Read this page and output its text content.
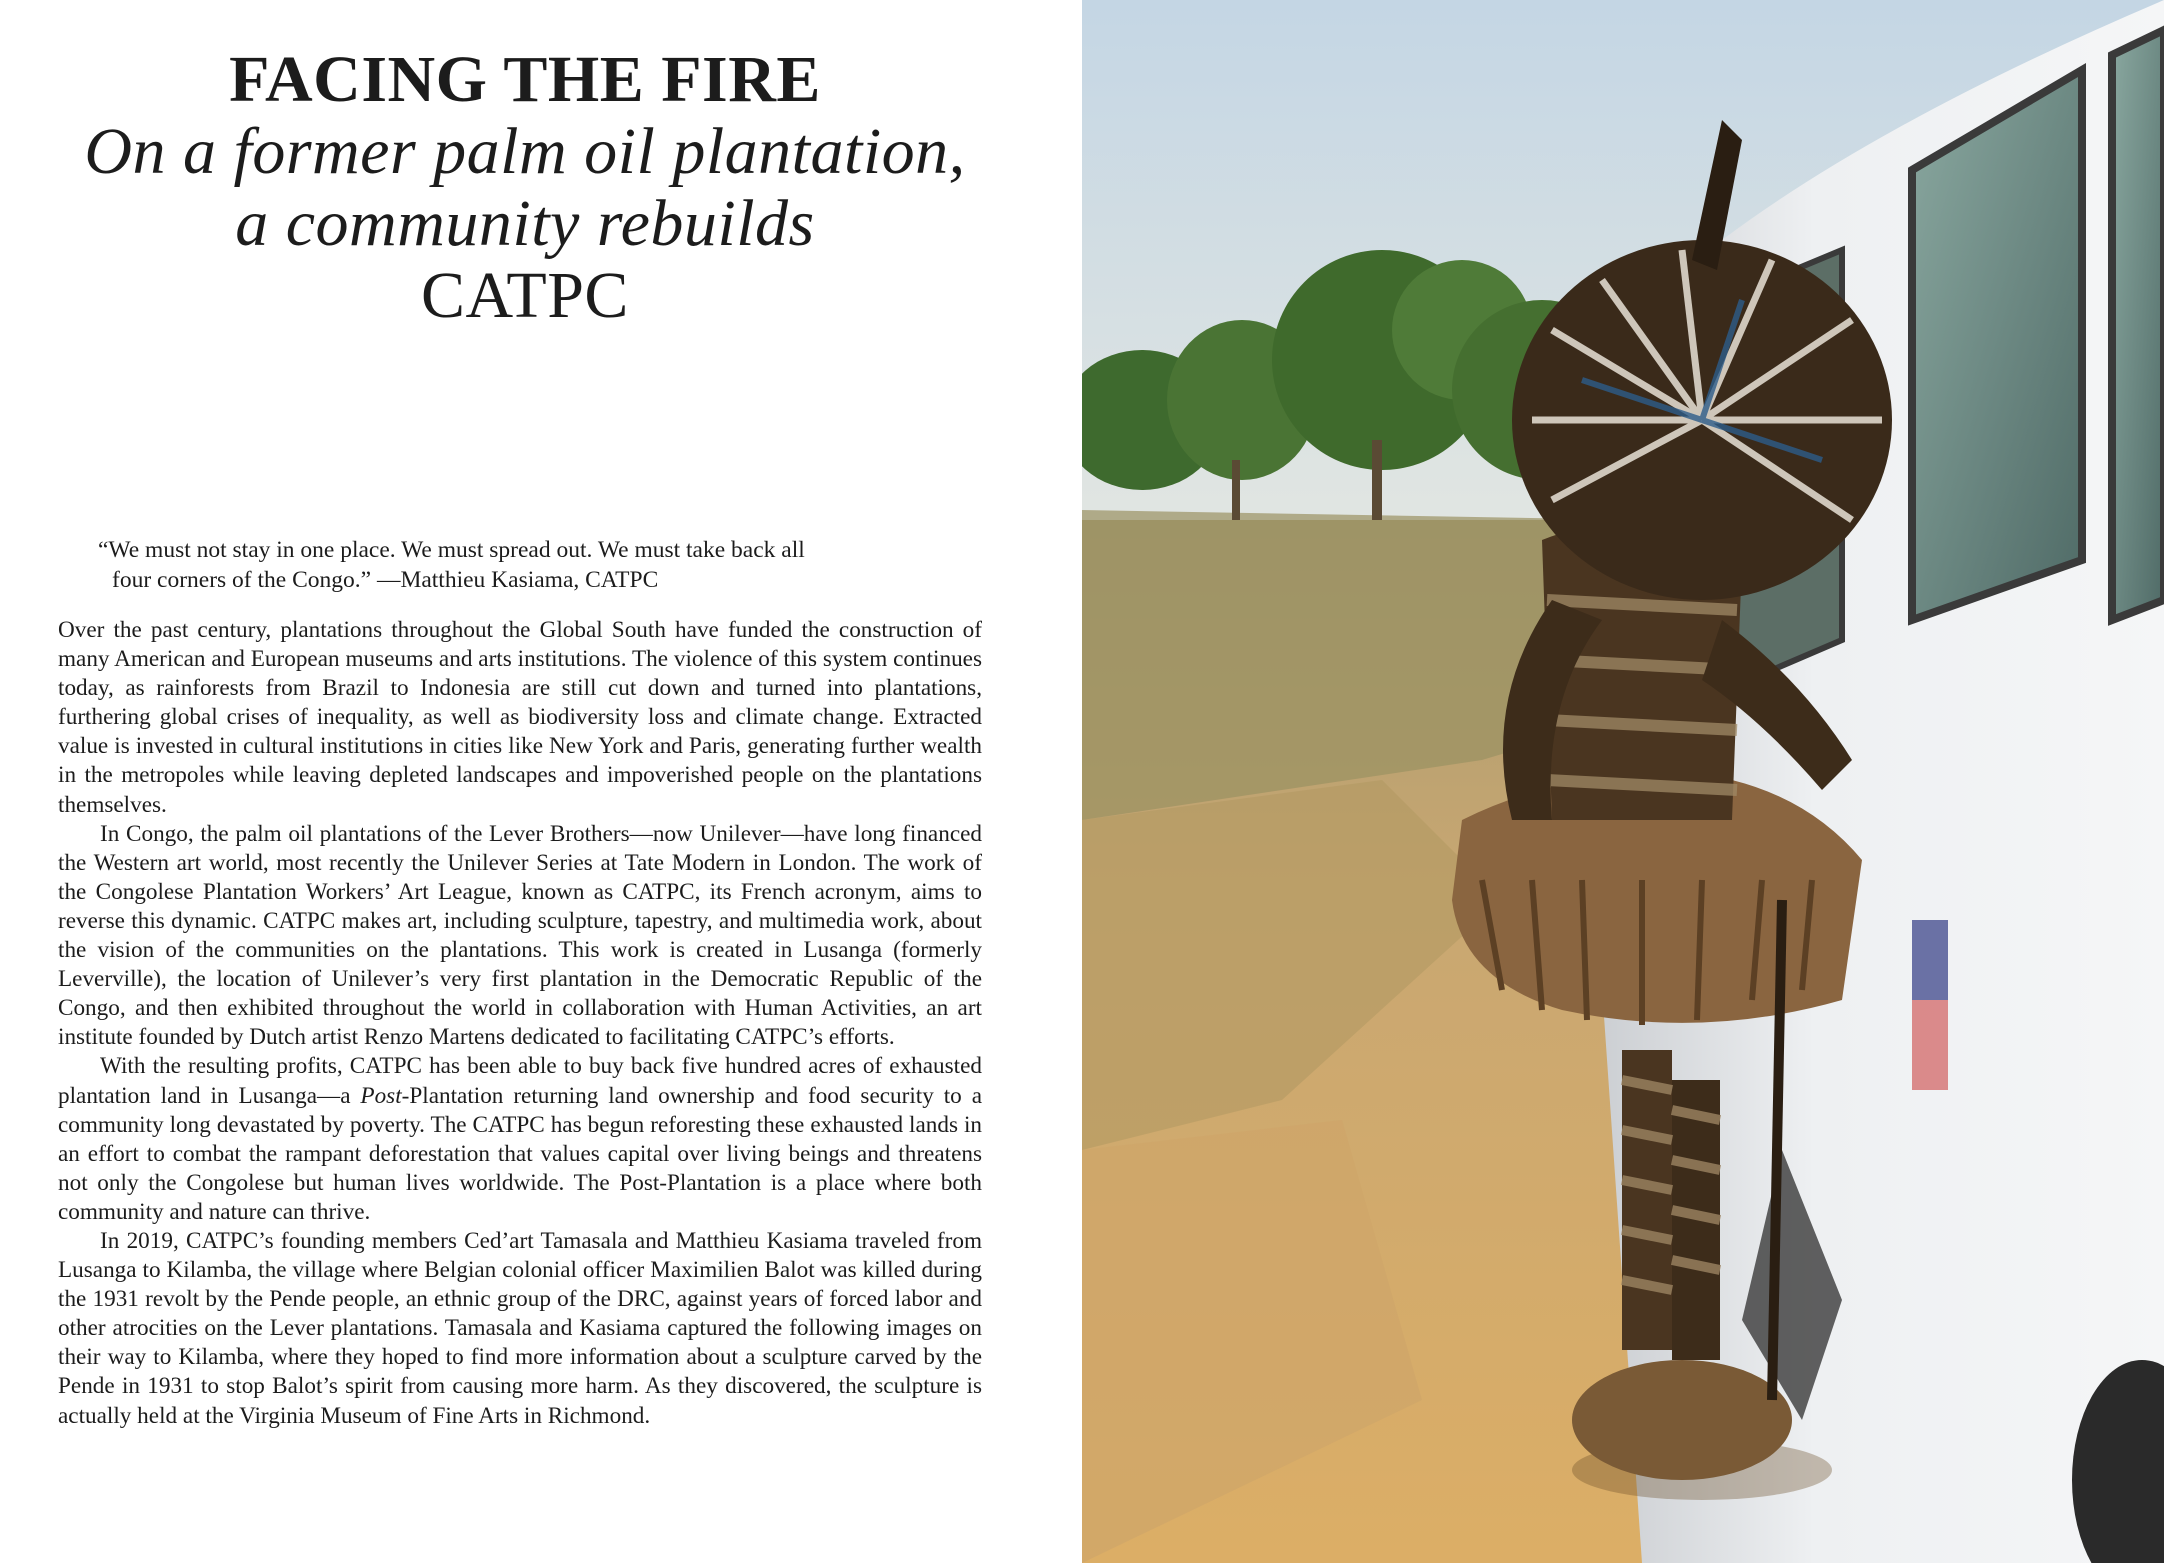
FACING THE FIRE
On a former palm oil plantation,
a community rebuilds
CATPC
“We must not stay in one place. We must spread out. We must take back all
four corners of the Congo.” —Matthieu Kasiama, CATPC

Over the past century, plantations throughout the Global South have funded the construction of many American and European museums and arts institutions. The violence of this system continues today, as rainforests from Brazil to Indonesia are still cut down and turned into plantations, furthering global crises of inequality, as well as biodiversity loss and climate change. Extracted value is invested in cultural institutions in cities like New York and Paris, generating further wealth in the metropoles while leaving depleted landscapes and impoverished people on the plantations themselves.

In Congo, the palm oil plantations of the Lever Brothers—now Unilever—have long financed the Western art world, most recently the Unilever Series at Tate Modern in London. The work of the Congolese Plantation Workers’ Art League, known as CATPC, its French acronym, aims to reverse this dynamic. CATPC makes art, including sculpture, tapestry, and multimedia work, about the vision of the communities on the plantations. This work is created in Lusanga (formerly Leverville), the location of Unilever’s very first plantation in the Democratic Republic of the Congo, and then exhibited throughout the world in collaboration with Human Activities, an art institute founded by Dutch artist Renzo Martens dedicated to facilitating CATPC’s efforts.

With the resulting profits, CATPC has been able to buy back five hundred acres of exhausted plantation land in Lusanga—a Post-Plantation returning land ownership and food security to a community long devastated by poverty. The CATPC has begun reforesting these exhausted lands in an effort to combat the rampant deforestation that values capital over living beings and threatens not only the Congolese but human lives worldwide. The Post-Plantation is a place where both community and nature can thrive.

In 2019, CATPC’s founding members Ced’art Tamasala and Matthieu Kasiama traveled from Lusanga to Kilamba, the village where Belgian colonial officer Maximilien Balot was killed during the 1931 revolt by the Pende people, an ethnic group of the DRC, against years of forced labor and other atrocities on the Lever plantations. Tamasala and Kasiama captured the following images on their way to Kilamba, where they hoped to find more information about a sculpture carved by the Pende in 1931 to stop Balot’s spirit from causing more harm. As they discovered, the sculpture is actually held at the Virginia Museum of Fine Arts in Richmond.
